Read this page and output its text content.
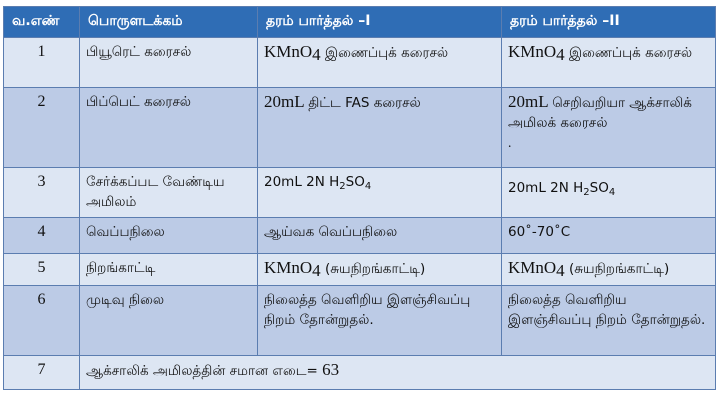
வ.எண்	பொருளடக்கம்	தரம் பார்த்தல் –I	தரம் பார்த்தல் –II
1	பியூரெட் கரைசல்	KMnO$_4$ இணைப்புக் கரைசல்	KMnO$_4$ இணைப்புக் கரைசல்
2	பிப்பெட் கரைசல்	20mL திட்ட FAS கரைசல்	20mL செறிவறியா ஆக்சாலிக் அமிலக் கரைசல்
.
3	சேர்க்கப்பட வேண்டிய அமிலம்	20mL 2N $H_2SO_4$	20mL 2N $H_2SO_4$
4	வெப்பநிலை	ஆய்வக வெப்பநிலை	60˚-70˚C
5	நிறங்காட்டி	KMnO$_4$ (சுயநிறங்காட்டி)	KMnO$_4$ (சுயநிறங்காட்டி)
6	முடிவு நிலை	நிலைத்த வெளிறிய இளஞ்சிவப்பு நிறம் தோன்றுதல்.	நிலைத்த வெளிறிய இளஞ்சிவப்பு நிறம் தோன்றுதல்.
7	ஆக்சாலிக் அமிலத்தின் சமான எடை= 63		
